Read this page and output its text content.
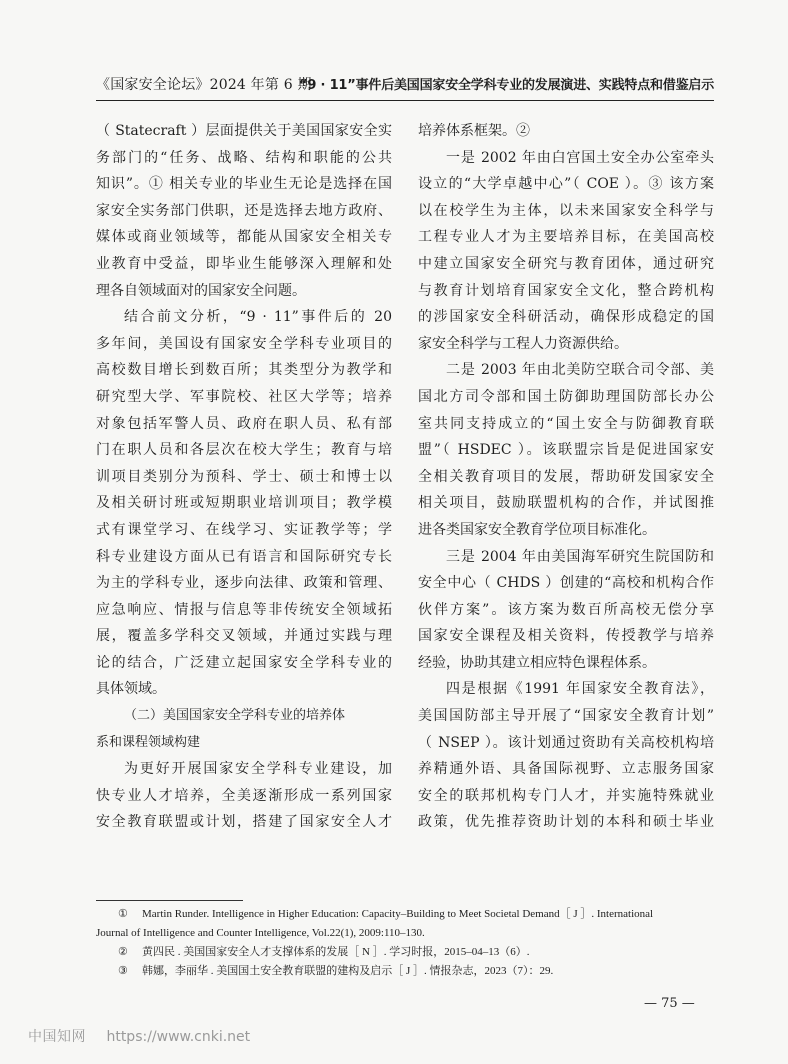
《国家安全论坛》2024 年第 6 期
“9 · 11”事件后美国国家安全学科专业的发展演进、实践特点和借鉴启示
（ Statecraft ）层面提供关于美国国家安全实
务部门的“任务、战略、结构和职能的公共
知识”。① 相关专业的毕业生无论是选择在国
家安全实务部门供职，还是选择去地方政府、
媒体或商业领域等，都能从国家安全相关专
业教育中受益，即毕业生能够深入理解和处
理各自领域面对的国家安全问题。
结合前文分析，“9 · 11”事件后的 20
多年间，美国设有国家安全学科专业项目的
高校数目增长到数百所；其类型分为教学和
研究型大学、军事院校、社区大学等；培养
对象包括军警人员、政府在职人员、私有部
门在职人员和各层次在校大学生；教育与培
训项目类别分为预科、学士、硕士和博士以
及相关研讨班或短期职业培训项目；教学模
式有课堂学习、在线学习、实证教学等；学
科专业建设方面从已有语言和国际研究专长
为主的学科专业，逐步向法律、政策和管理、
应急响应、情报与信息等非传统安全领域拓
展，覆盖多学科交叉领域，并通过实践与理
论的结合，广泛建立起国家安全学科专业的
具体领域。
（二）美国国家安全学科专业的培养体
系和课程领域构建
为更好开展国家安全学科专业建设，加
快专业人才培养，全美逐渐形成一系列国家
安全教育联盟或计划，搭建了国家安全人才
培养体系框架。②
一是 2002 年由白宫国土安全办公室牵头
设立的“大学卓越中心”（ COE ）。③ 该方案
以在校学生为主体，以未来国家安全科学与
工程专业人才为主要培养目标，在美国高校
中建立国家安全研究与教育团体，通过研究
与教育计划培育国家安全文化，整合跨机构
的涉国家安全科研活动，确保形成稳定的国
家安全科学与工程人力资源供给。
二是 2003 年由北美防空联合司令部、美
国北方司令部和国土防御助理国防部长办公
室共同支持成立的“国土安全与防御教育联
盟”（ HSDEC ）。该联盟宗旨是促进国家安
全相关教育项目的发展，帮助研发国家安全
相关项目，鼓励联盟机构的合作，并试图推
进各类国家安全教育学位项目标准化。
三是 2004 年由美国海军研究生院国防和
安全中心（ CHDS ）创建的“高校和机构合作
伙伴方案”。该方案为数百所高校无偿分享
国家安全课程及相关资料，传授教学与培养
经验，协助其建立相应特色课程体系。
四是根据《1991 年国家安全教育法》，
美国国防部主导开展了“国家安全教育计划”
（ NSEP ）。该计划通过资助有关高校机构培
养精通外语、具备国际视野、立志服务国家
安全的联邦机构专门人才，并实施特殊就业
政策，优先推荐资助计划的本科和硕士毕业
① Martin Runder. Intelligence in Higher Education: Capacity–Building to Meet Societal Demand［ J ］. International
Journal of Intelligence and Counter Intelligence, Vol.22(1), 2009:110–130.
② 黄四民 . 美国国家安全人才支撑体系的发展［ N ］. 学习时报，2015–04–13（6）.
③ 韩娜，李丽华 . 美国国土安全教育联盟的建构及启示［ J ］. 情报杂志，2023（7）：29.
— 75 —
中国知网 https://www.cnki.net
